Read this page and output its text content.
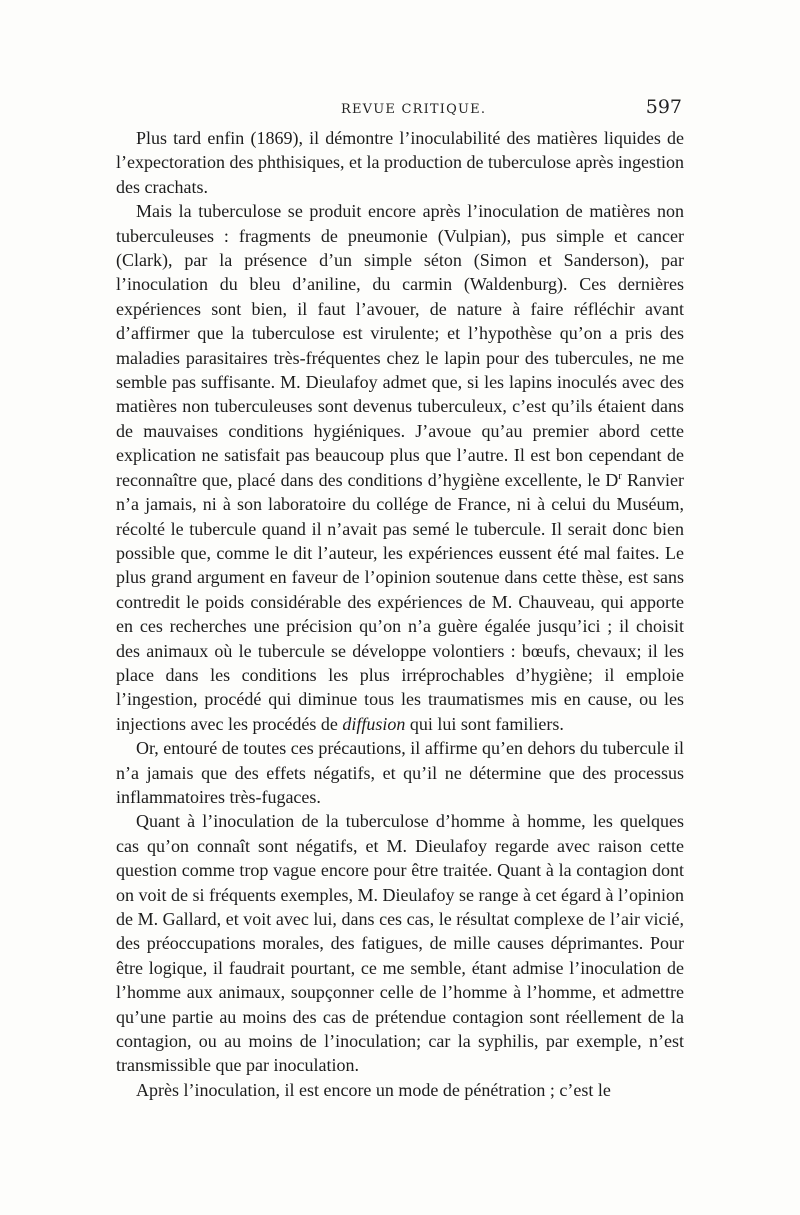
REVUE CRITIQUE.	597

Plus tard enfin (1869), il démontre l’inoculabilité des matières liquides de l’expectoration des phthisiques, et la production de tuberculose après ingestion des crachats.

Mais la tuberculose se produit encore après l’inoculation de matières non tuberculeuses : fragments de pneumonie (Vulpian), pus simple et cancer (Clark), par la présence d’un simple séton (Simon et Sanderson), par l’inoculation du bleu d’aniline, du carmin (Waldenburg). Ces dernières expériences sont bien, il faut l’avouer, de nature à faire réfléchir avant d’affirmer que la tuberculose est virulente; et l’hypothèse qu’on a pris des maladies parasitaires très-fréquentes chez le lapin pour des tubercules, ne me semble pas suffisante. M. Dieulafoy admet que, si les lapins inoculés avec des matières non tuberculeuses sont devenus tuberculeux, c’est qu’ils étaient dans de mauvaises conditions hygiéniques. J’avoue qu’au premier abord cette explication ne satisfait pas beaucoup plus que l’autre. Il est bon cependant de reconnaître que, placé dans des conditions d’hygiène excellente, le $D^r$ Ranvier n’a jamais, ni à son laboratoire du collége de France, ni à celui du Muséum, récolté le tubercule quand il n’avait pas semé le tubercule. Il serait donc bien possible que, comme le dit l’auteur, les expériences eussent été mal faites. Le plus grand argument en faveur de l’opinion soutenue dans cette thèse, est sans contredit le poids considérable des expériences de M. Chauveau, qui apporte en ces recherches une précision qu’on n’a guère égalée jusqu’ici ; il choisit des animaux où le tubercule se développe volontiers : bœufs, chevaux; il les place dans les conditions les plus irréprochables d’hygiène; il emploie l’ingestion, procédé qui diminue tous les traumatismes mis en cause, ou les injections avec les procédés de diffusion qui lui sont familiers.

Or, entouré de toutes ces précautions, il affirme qu’en dehors du tubercule il n’a jamais que des effets négatifs, et qu’il ne détermine que des processus inflammatoires très-fugaces.

Quant à l’inoculation de la tuberculose d’homme à homme, les quelques cas qu’on connaît sont négatifs, et M. Dieulafoy regarde avec raison cette question comme trop vague encore pour être traitée. Quant à la contagion dont on voit de si fréquents exemples, M. Dieulafoy se range à cet égard à l’opinion de M. Gallard, et voit avec lui, dans ces cas, le résultat complexe de l’air vicié, des préoccupations morales, des fatigues, de mille causes déprimantes. Pour être logique, il faudrait pourtant, ce me semble, étant admise l’inoculation de l’homme aux animaux, soupçonner celle de l’homme à l’homme, et admettre qu’une partie au moins des cas de prétendue contagion sont réellement de la contagion, ou au moins de l’inoculation; car la syphilis, par exemple, n’est transmissible que par inoculation.

Après l’inoculation, il est encore un mode de pénétration ; c’est le
